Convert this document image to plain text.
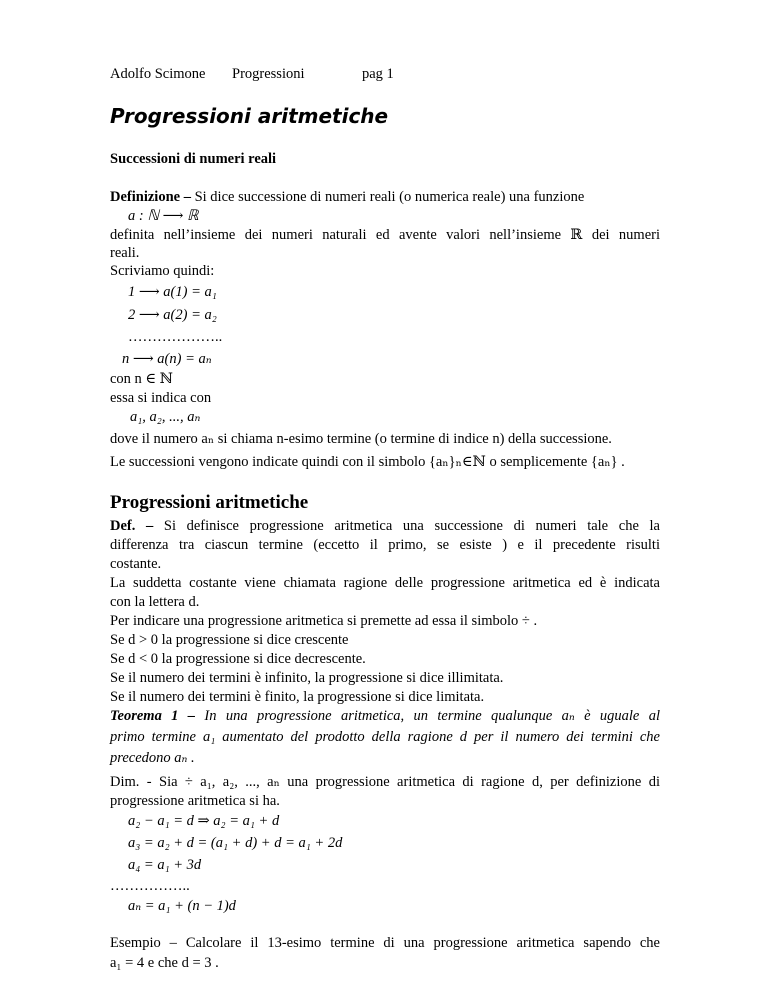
Adolfo Scimone Progressioni	pag 1
Progressioni aritmetiche
Successioni di numeri reali
Definizione – Si dice successione di numeri reali (o numerica reale) una funzione
a : ℕ ⟶ ℝ
definita nell’insieme dei numeri naturali ed avente valori nell’insieme ℝ dei numeri
reali.
Scriviamo quindi:
1 ⟶ a(1) = a₁
2 ⟶ a(2) = a₂
………………..
n ⟶ a(n) = aₙ
con n ∈ ℕ
essa si indica con
a₁, a₂, ..., aₙ
dove il numero aₙ si chiama n-esimo termine (o termine di indice n) della successione.
Le successioni vengono indicate quindi con il simbolo {aₙ}ₙ∈ℕ o semplicemente {aₙ} .
Progressioni aritmetiche
Def. – Si definisce progressione aritmetica una successione di numeri tale che la
differenza tra ciascun termine (eccetto il primo, se esiste ) e il precedente risulti
costante.
La suddetta costante viene chiamata ragione delle progressione aritmetica ed è indicata
con la lettera d.
Per indicare una progressione aritmetica si premette ad essa il simbolo ÷ .
Se d > 0 la progressione si dice crescente
Se d < 0 la progressione si dice decrescente.
Se il numero dei termini è infinito, la progressione si dice illimitata.
Se il numero dei termini è finito, la progressione si dice limitata.
Teorema 1 – In una progressione aritmetica, un termine qualunque aₙ è uguale al
primo termine a₁ aumentato del prodotto della ragione d per il numero dei termini che
precedono aₙ .
Dim. - Sia ÷ a₁, a₂, ..., aₙ una progressione aritmetica di ragione d, per definizione di
progressione aritmetica si ha.
a₂ − a₁ = d ⇒ a₂ = a₁ + d
a₃ = a₂ + d = (a₁ + d) + d = a₁ + 2d
a₄ = a₁ + 3d
……………..
aₙ = a₁ + (n − 1)d
Esempio – Calcolare il 13-esimo termine di una progressione aritmetica sapendo che
a₁ = 4 e che d = 3 .
